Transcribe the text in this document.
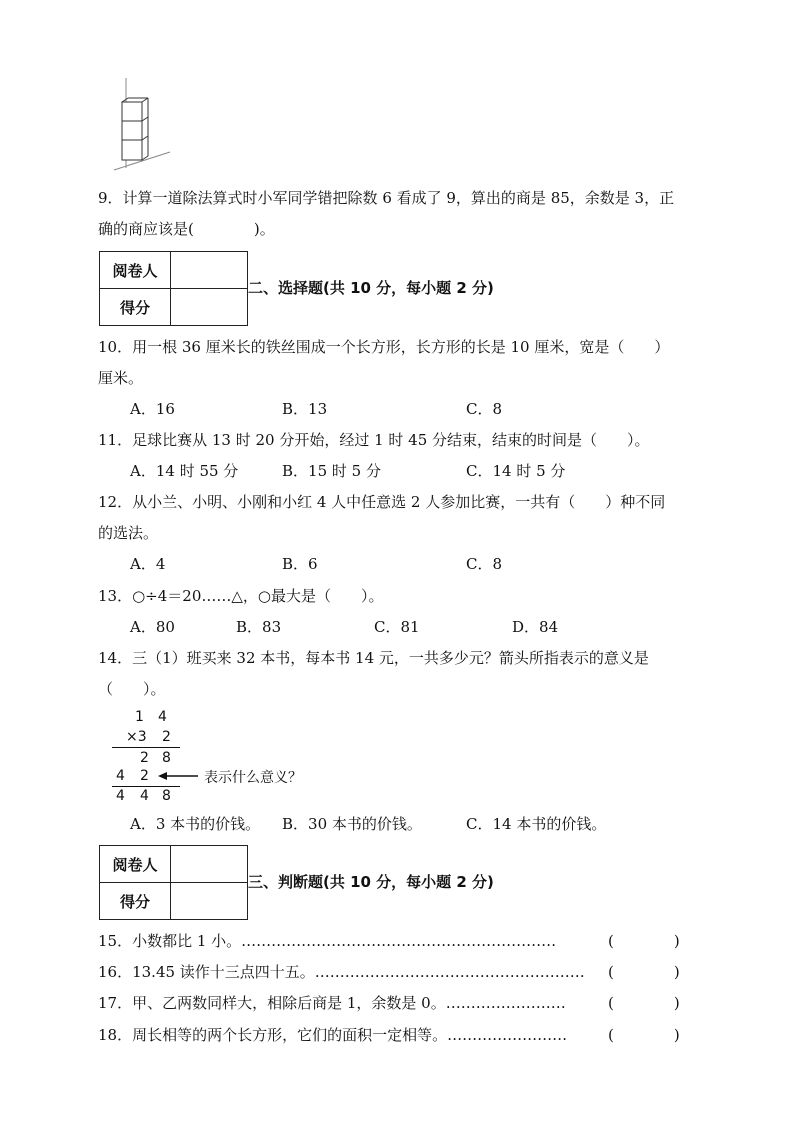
9．计算一道除法算式时小军同学错把除数 6 看成了 9，算出的商是 85，余数是 3，正
确的商应该是(　　　　)。
阅卷人	
得分	
二、选择题(共 10 分，每小题 2 分)
10．用一根 36 厘米长的铁丝围成一个长方形，长方形的长是 10 厘米，宽是（　　）
厘米。
A．16	B．13	C．8
11．足球比赛从 13 时 20 分开始，经过 1 时 45 分结束，结束的时间是（　　）。
A．14 时 55 分	B．15 时 5 分	C．14 时 5 分
12．从小兰、小明、小刚和小红 4 人中任意选 2 人参加比赛，一共有（　　）种不同
的选法。
A．4	B．6	C．8
13．○÷4＝20……△，○最大是（　　）。
A．80	B．83	C．81	D．84
14．三（1）班买来 32 本书，每本书 14 元，一共多少元？箭头所指表示的意义是
（　　）。
1 4
×3 2
2 8
4 2
4 4 8
表示什么意义？
A．3 本书的价钱。 B．30 本书的价钱。	C．14 本书的价钱。
阅卷人	
得分	
三、判断题(共 10 分，每小题 2 分)
15．小数都比 1 小。………………………………………………………	(　　　　)
16．13.45 读作十三点四十五。……………………………………………… (　　　　)
17．甲、乙两数同样大，相除后商是 1，余数是 0。……………………	(　　　　)
18．周长相等的两个长方形，它们的面积一定相等。……………………	(　　　　)
